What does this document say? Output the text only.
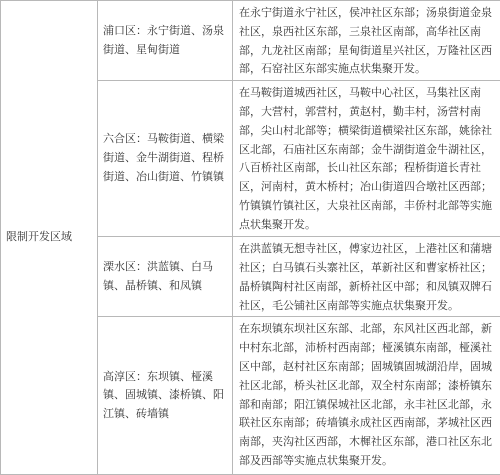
限制开发区域	浦口区：永宁街道、汤泉街道、星甸街道	在永宁街道永宁社区，侯冲社区东部；汤泉街道金泉社区，泉西社区东部，三泉社区南部，高华社区南部，九龙社区南部；星甸街道星兴社区，万隆社区西部，石窑社区东部实施点状集聚开发。
	六合区：马鞍街道、横梁街道、金牛湖街道、程桥街道、冶山街道、竹镇镇	在马鞍街道城西社区，马鞍中心社区，马集社区南部，大营村，郭营村，黄赵村，勤丰村，汤营村南部，尖山村北部等；横梁街道横梁社区东部，姚徐社区北部，石庙社区东南部；金牛湖街道金牛湖社区，八百桥社区南部，长山社区东部；程桥街道长青社区，河南村，黄木桥村；冶山街道四合墩社区西部；竹镇镇竹镇社区，大泉社区南部，丰侨村北部等实施点状集聚开发。
	溧水区：洪蓝镇、白马镇、晶桥镇、和凤镇	在洪蓝镇无想寺社区，傅家边社区，上港社区和蒲塘社区；白马镇石头寨社区，革新社区和曹家桥社区；晶桥镇陶村社区南部，新桥社区中部；和凤镇双牌石社区，毛公铺社区南部等实施点状集聚开发。
	高淳区：东坝镇、桠溪镇、固城镇、漆桥镇、阳江镇、砖墙镇	在东坝镇东坝社区东部、北部，东风社区西北部，新中村东北部，沛桥村西南部；桠溪镇东南部，桠溪社区中部，赵村社区东南部；固城镇固城湖沿岸，固城社区北部，桥头社区北部，双全村东南部；漆桥镇东部和南部；阳江镇保城社区北部，永丰社区北部，永联社区东南部；砖墙镇永成社区西南部，茅城社区西南部，夹沟社区西部，木樨社区东部，港口社区东北部及西部等实施点状集聚开发。
